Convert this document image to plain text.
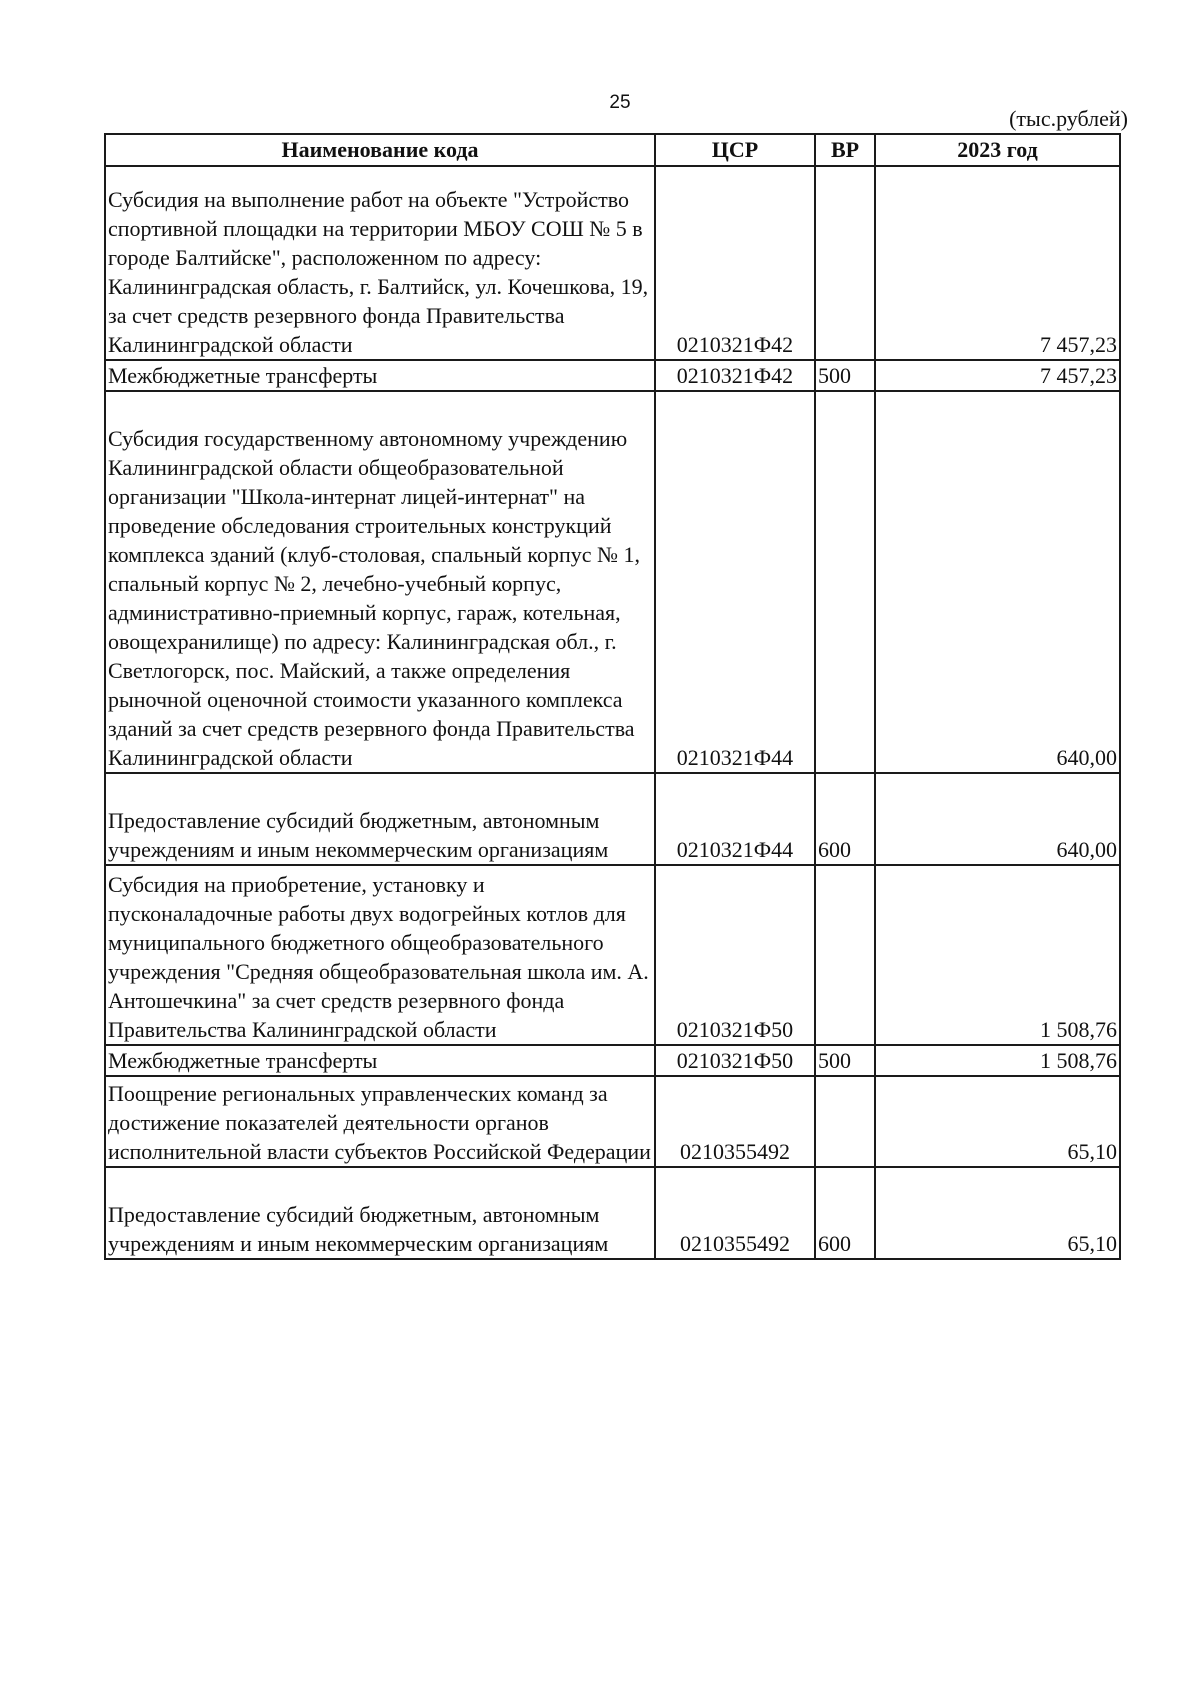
25
(тыс.рублей)
Наименование кода	ЦСР	ВР	2023 год
Субсидия на выполнение работ на объекте "Устройство спортивной площадки на территории МБОУ СОШ № 5 в городе Балтийске", расположенном по адресу: Калининградская область, г. Балтийск, ул. Кочешкова, 19, за счет средств резервного фонда Правительства Калининградской области	0210321Ф42		7 457,23
Межбюджетные трансферты	0210321Ф42	500	7 457,23
Субсидия государственному автономному учреждению Калининградской области общеобразовательной организации "Школа-интернат лицей-интернат" на проведение обследования строительных конструкций комплекса зданий (клуб-столовая, спальный корпус № 1, спальный корпус № 2, лечебно-учебный корпус, административно-приемный корпус, гараж, котельная, овощехранилище) по адресу: Калининградская обл., г. Светлогорск, пос. Майский, а также определения рыночной оценочной стоимости указанного комплекса зданий за счет средств резервного фонда Правительства Калининградской области	0210321Ф44		640,00
Предоставление субсидий бюджетным, автономным учреждениям и иным некоммерческим организациям	0210321Ф44	600	640,00
Субсидия на приобретение, установку и пусконаладочные работы двух водогрейных котлов для муниципального бюджетного общеобразовательного учреждения "Средняя общеобразовательная школа им. А. Антошечкина" за счет средств резервного фонда Правительства Калининградской области	0210321Ф50		1 508,76
Межбюджетные трансферты	0210321Ф50	500	1 508,76
Поощрение региональных управленческих команд за достижение показателей деятельности органов исполнительной власти субъектов Российской Федерации	0210355492		65,10
Предоставление субсидий бюджетным, автономным учреждениям и иным некоммерческим организациям	0210355492	600	65,10
